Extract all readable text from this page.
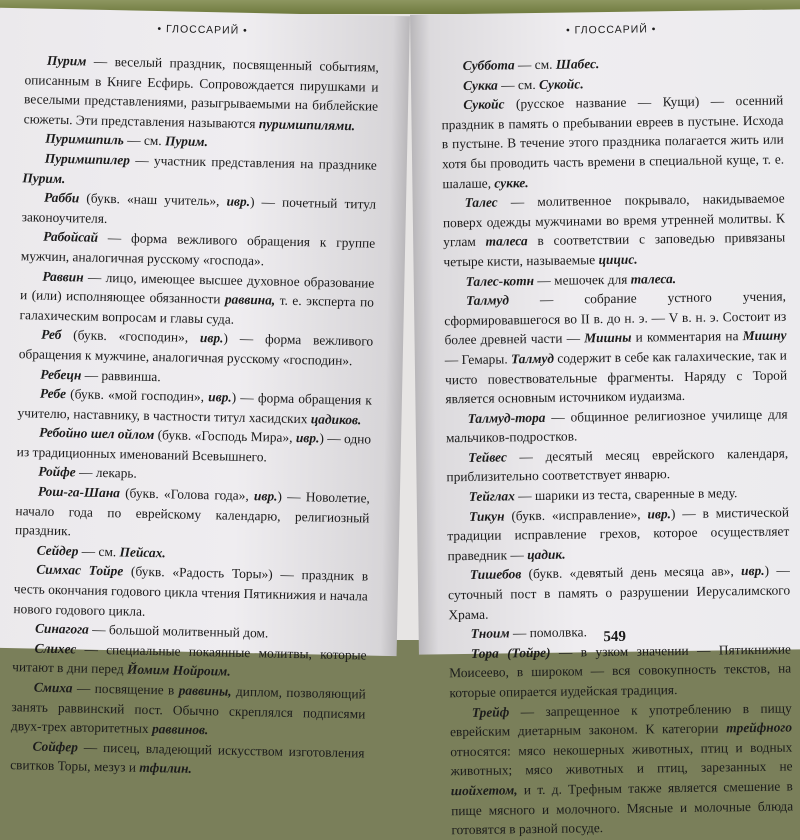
• ГЛОССАРИЙ •

Пурим — веселый праздник, посвященный событиям, описанным в Книге Есфирь. Сопровождается пирушками и веселыми представлениями, разыгрываемыми на библейские сюжеты. Эти представления называются пуримшпилями.

Пуримшпиль — см. Пурим.

Пуримшпилер — участник представления на празднике Пурим.

Рабби (букв. «наш учитель», ивр.) — почетный титул законоучителя.

Рабойсай — форма вежливого обращения к группе мужчин, аналогичная русскому «господа».

Раввин — лицо, имеющее высшее духовное образование и (или) исполняющее обязанности раввина, т. е. эксперта по галахическим вопросам и главы суда.

Реб (букв. «господин», ивр.) — форма вежливого обращения к мужчине, аналогичная русскому «господин».

Ребецн — раввинша.

Ребе (букв. «мой господин», ивр.) — форма обращения к учителю, наставнику, в частности титул хасидских цадиков.

Ребойно шел ойлом (букв. «Господь Мира», ивр.) — одно из традиционных именований Всевышнего.

Ройфе — лекарь.

Рош-га-Шана (букв. «Голова года», ивр.) — Новолетие, начало года по еврейскому календарю, религиозный праздник.

Сейдер — см. Пейсах.

Симхас Тойре (букв. «Радость Торы») — праздник в честь окончания годового цикла чтения Пятикнижия и начала нового годового цикла.

Синагога — большой молитвенный дом.

Слихес — специальные покаянные молитвы, которые читают в дни перед Йомим Нойроим.

Смиха — посвящение в раввины, диплом, позволяющий занять раввинский пост. Обычно скреплялся подписями двух-трех авторитетных раввинов.

Сойфер — писец, владеющий искусством изготовления свитков Торы, мезуз и тфилин.

• ГЛОССАРИЙ •

Суббота — см. Шабес.

Сукка — см. Сукойс.

Сукойс (русское название — Кущи) — осенний праздник в память о пребывании евреев в пустыне. Исхода в пустыне. В течение этого праздника полагается жить или хотя бы проводить часть времени в специальной куще, т. е. шалаше, сукке.

Талес — молитвенное покрывало, накидываемое поверх одежды мужчинами во время утренней молитвы. К углам талеса в соответствии с заповедью привязаны четыре кисти, называемые цицис.

Талес-котн — мешочек для талеса.

Талмуд — собрание устного учения, сформировавшегося во II в. до н. э. — V в. н. э. Состоит из более древней части — Мишны и комментария на Мишну — Гемары. Талмуд содержит в себе как галахические, так и чисто повествовательные фрагменты. Наряду с Торой является основным источником иудаизма.

Талмуд-тора — общинное религиозное училище для мальчиков-подростков.

Тейвес — десятый месяц еврейского календаря, приблизительно соответствует январю.

Тейглах — шарики из теста, сваренные в меду.

Тикун (букв. «исправление», ивр.) — в мистической традиции исправление грехов, которое осуществляет праведник — цадик.

Тишебов (букв. «девятый день месяца ав», ивр.) — суточный пост в память о разрушении Иерусалимского Храма.

Тноим — помолвка.

Тора (Тойре) — в узком значении — Пятикнижие Моисеево, в широком — вся совокупность текстов, на которые опирается иудейская традиция.

Трейф — запрещенное к употреблению в пищу еврейским диетарным законом. К категории трейфного относятся: мясо некошерных животных, птиц и водных животных; мясо животных и птиц, зарезанных не шойхетом, и т. д. Трефным также является смешение в пище мясного и молочного. Мясные и молочные блюда готовятся в разной посуде.

549
